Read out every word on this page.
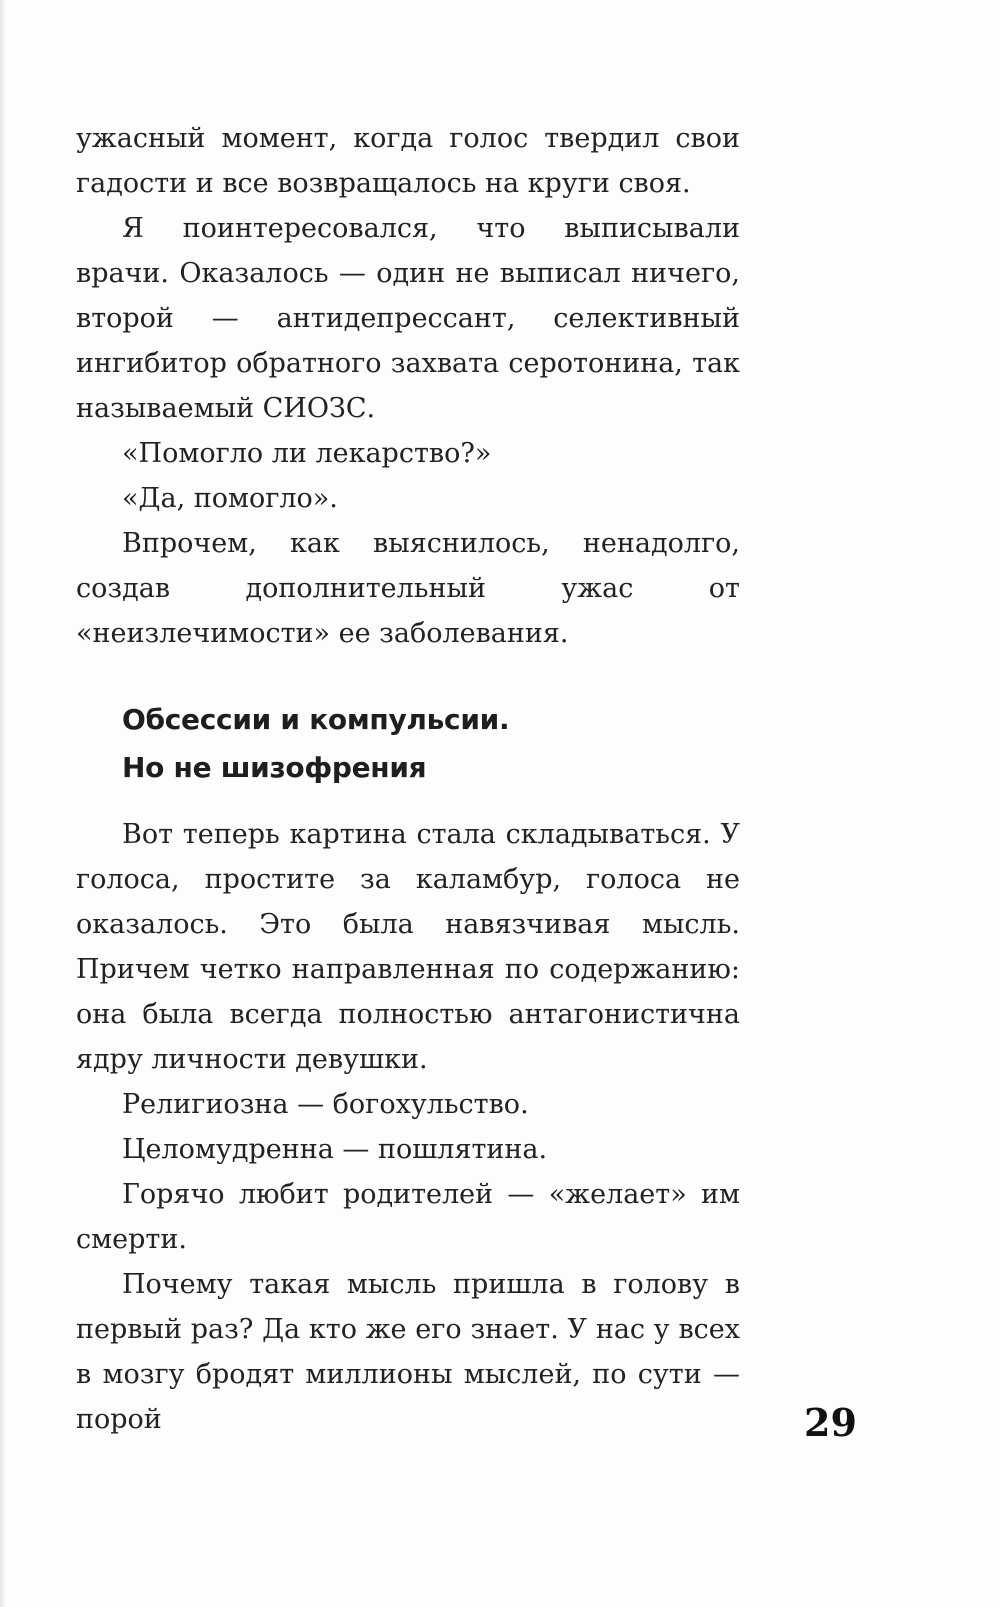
ужасный момент, когда голос твердил свои гадости и все возвращалось на круги своя.

Я поинтересовался, что выписывали врачи. Оказалось — один не выписал ничего, второй — антидепрессант, селективный ингибитор обратного захвата серотонина, так называемый СИОЗС.

«Помогло ли лекарство?»

«Да, помогло».

Впрочем, как выяснилось, ненадолго, создав дополнительный ужас от «неизлечимости» ее заболевания.

Обсессии и компульсии.
Но не шизофрения

Вот теперь картина стала складываться. У голоса, простите за каламбур, голоса не оказалось. Это была навязчивая мысль. Причем четко направленная по содержанию: она была всегда полностью антагонистична ядру личности девушки.

Религиозна — богохульство.

Целомудренна — пошлятина.

Горячо любит родителей — «желает» им смерти.

Почему такая мысль пришла в голову в первый раз? Да кто же его знает. У нас у всех в мозгу бродят миллионы мыслей, по сути — порой	29
